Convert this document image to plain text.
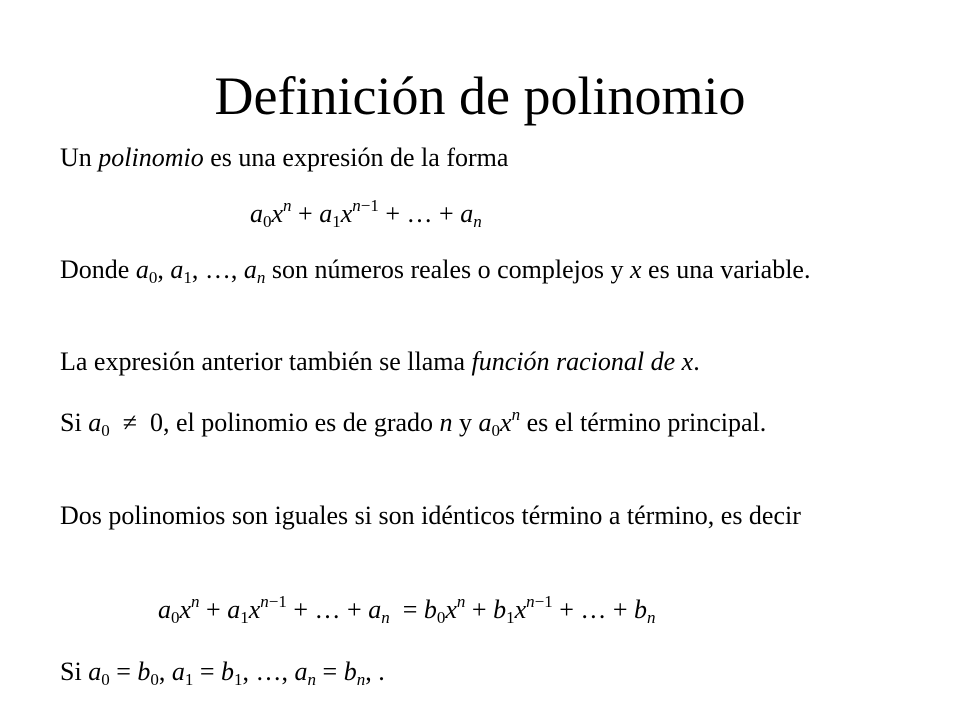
Definición de polinomio
Un polinomio es una expresión de la forma
$a_0x^n + a_1x^{n-1}$ + … + $a_n$
Donde $a_0$, $a_1$, …, $a_n$ son números reales o complejos y x es una variable.
La expresión anterior también se llama función racional de x.
Si $a_0 \ne 0$, el polinomio es de grado n y $a_0x^n$ es el término principal.
Dos polinomios son iguales si son idénticos término a término, es decir
$a_0x^n + a_1x^{n-1}$ + … + $a_n = b_0x^n + b_1x^{n-1}$ + … + $b_n$
Si $a_0 = b_0$, $a_1 = b_1$, …, $a_n = b_n$, .
